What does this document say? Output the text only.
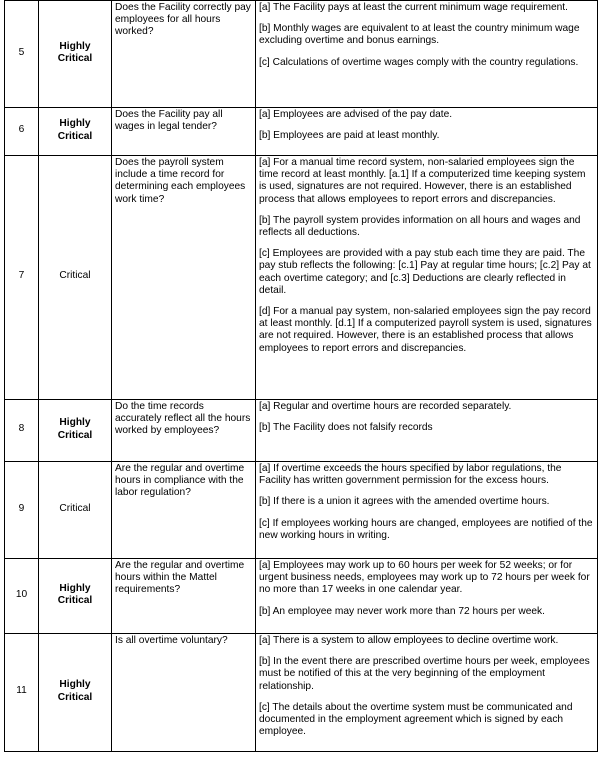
5	Highly Critical	Does the Facility correctly pay employees for all hours worked?	[a] The Facility pays at least the current minimum wage requirement.

[b] Monthly wages are equivalent to at least the country minimum wage excluding overtime and bonus earnings.

[c] Calculations of overtime wages comply with the country regulations.

6	Highly Critical	Does the Facility pay all wages in legal tender?	[a] Employees are advised of the pay date.

[b] Employees are paid at least monthly.

7	Critical	Does the payroll system include a time record for determining each employees work time?	[a] For a manual time record system, non-salaried employees sign the time record at least monthly. [a.1] If a computerized time keeping system is used, signatures are not required. However, there is an established process that allows employees to report errors and discrepancies.

[b] The payroll system provides information on all hours and wages and reflects all deductions.

[c] Employees are provided with a pay stub each time they are paid. The pay stub reflects the following: [c.1] Pay at regular time hours; [c.2] Pay at each overtime category; and [c.3] Deductions are clearly reflected in detail.

[d] For a manual pay system, non-salaried employees sign the pay record at least monthly. [d.1] If a computerized payroll system is used, signatures are not required. However, there is an established process that allows employees to report errors and discrepancies.

8	Highly Critical	Do the time records accurately reflect all the hours worked by employees?	[a] Regular and overtime hours are recorded separately.

[b] The Facility does not falsify records

9	Critical	Are the regular and overtime hours in compliance with the labor regulation?	[a] If overtime exceeds the hours specified by labor regulations, the Facility has written government permission for the excess hours.

[b] If there is a union it agrees with the amended overtime hours.

[c] If employees working hours are changed, employees are notified of the new working hours in writing.

10	Highly Critical	Are the regular and overtime hours within the Mattel requirements?	[a] Employees may work up to 60 hours per week for 52 weeks; or for urgent business needs, employees may work up to 72 hours per week for no more than 17 weeks in one calendar year.

[b] An employee may never work more than 72 hours per week.

11	Highly Critical	Is all overtime voluntary?	[a] There is a system to allow employees to decline overtime work.

[b] In the event there are prescribed overtime hours per week, employees must be notified of this at the very beginning of the employment relationship.

[c] The details about the overtime system must be communicated and documented in the employment agreement which is signed by each employee.
